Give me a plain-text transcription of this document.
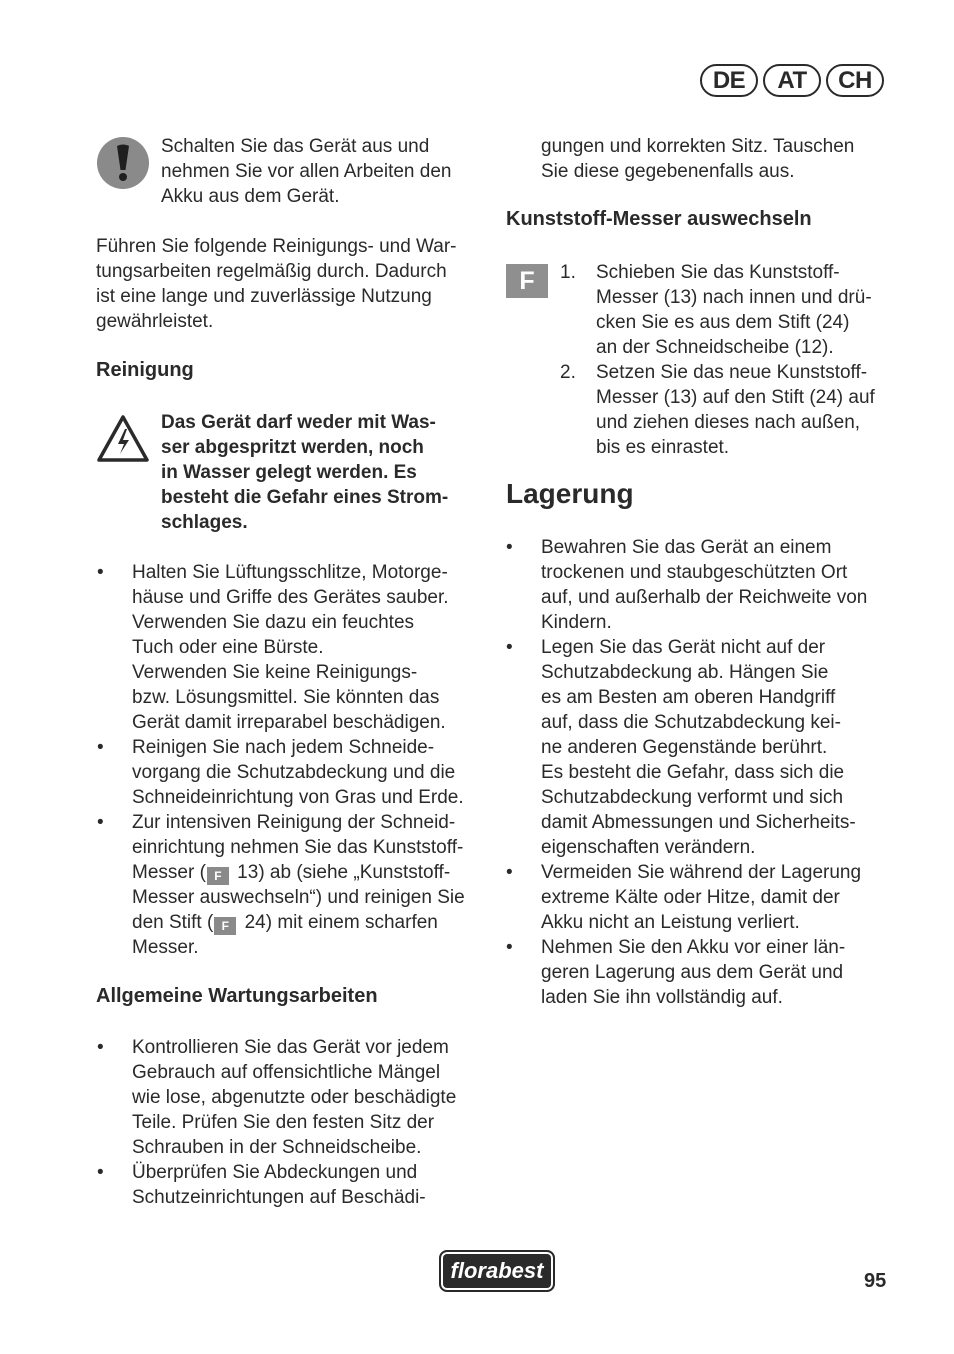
DE	AT	CH
Schalten Sie das Gerät aus und
nehmen Sie vor allen Arbeiten den
Akku aus dem Gerät.
Führen Sie folgende Reinigungs- und War-
tungsarbeiten regelmäßig durch. Dadurch
ist eine lange und zuverlässige Nutzung
gewährleistet.
Reinigung
Das Gerät darf weder mit Was-
ser abgespritzt werden, noch
in Wasser gelegt werden. Es
besteht die Gefahr eines Strom-
schlages.
• Halten Sie Lüftungsschlitze, Motorge-
häuse und Griffe des Gerätes sauber.
Verwenden Sie dazu ein feuchtes
Tuch oder eine Bürste.
Verwenden Sie keine Reinigungs-
bzw. Lösungsmittel. Sie könnten das
Gerät damit irreparabel beschädigen.
• Reinigen Sie nach jedem Schneide-
vorgang die Schutzabdeckung und die
Schneideinrichtung von Gras und Erde.
• Zur intensiven Reinigung der Schneid-
einrichtung nehmen Sie das Kunststoff-
Messer ( F 13) ab (siehe „Kunststoff-
Messer auswechseln“) und reinigen Sie
den Stift ( F 24) mit einem scharfen
Messer.
Allgemeine Wartungsarbeiten
• Kontrollieren Sie das Gerät vor jedem
Gebrauch auf offensichtliche Mängel
wie lose, abgenutzte oder beschädigte
Teile. Prüfen Sie den festen Sitz der
Schrauben in der Schneidscheibe.
• Überprüfen Sie Abdeckungen und
Schutzeinrichtungen auf Beschädi-
gungen und korrekten Sitz. Tauschen
Sie diese gegebenenfalls aus.
Kunststoff-Messer auswechseln
F	1. Schieben Sie das Kunststoff-
Messer (13) nach innen und drü-
cken Sie es aus dem Stift (24)
an der Schneidscheibe (12).
2. Setzen Sie das neue Kunststoff-
Messer (13) auf den Stift (24) auf
und ziehen dieses nach außen,
bis es einrastet.
Lagerung
• Bewahren Sie das Gerät an einem
trockenen und staubgeschützten Ort
auf, und außerhalb der Reichweite von
Kindern.
• Legen Sie das Gerät nicht auf der
Schutzabdeckung ab. Hängen Sie
es am Besten am oberen Handgriff
auf, dass die Schutzabdeckung kei-
ne anderen Gegenstände berührt.
Es besteht die Gefahr, dass sich die
Schutzabdeckung verformt und sich
damit Abmessungen und Sicherheits-
eigenschaften verändern.
• Vermeiden Sie während der Lagerung
extreme Kälte oder Hitze, damit der
Akku nicht an Leistung verliert.
• Nehmen Sie den Akku vor einer län-
geren Lagerung aus dem Gerät und
laden Sie ihn vollständig auf.
florabest	95
